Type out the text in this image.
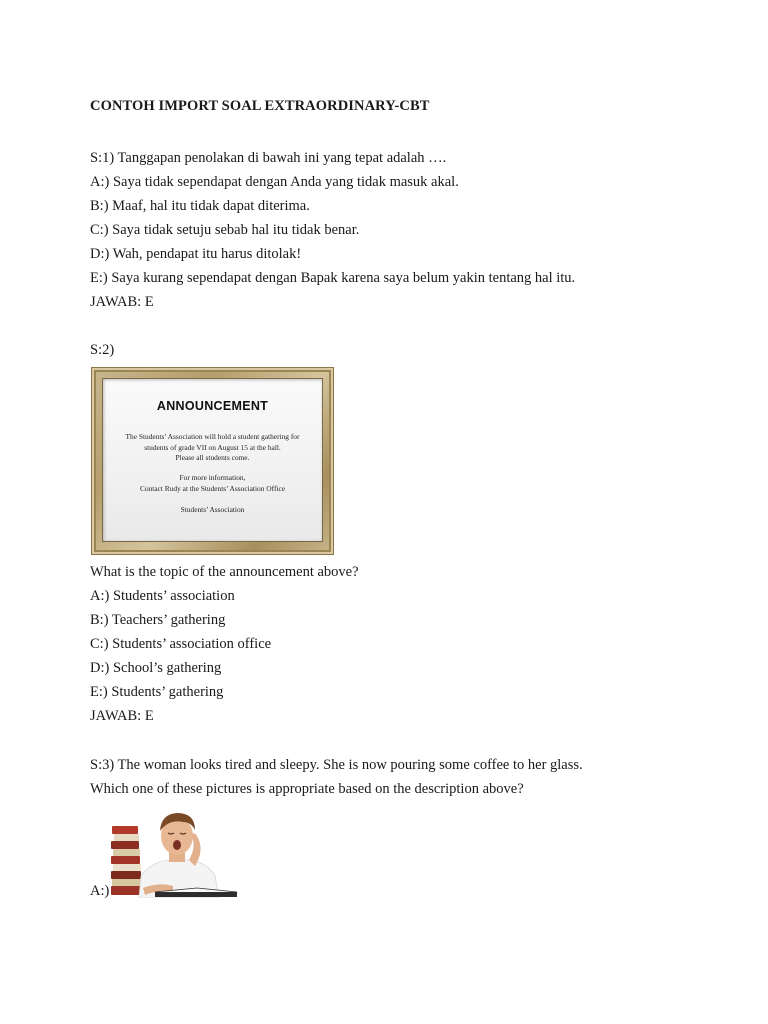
CONTOH IMPORT SOAL EXTRAORDINARY-CBT
S:1) Tanggapan penolakan di bawah ini yang tepat adalah ….
A:) Saya tidak sependapat dengan Anda yang tidak masuk akal.
B:) Maaf, hal itu tidak dapat diterima.
C:) Saya tidak setuju sebab hal itu tidak benar.
D:) Wah, pendapat itu harus ditolak!
E:) Saya kurang sependapat dengan Bapak karena saya belum yakin tentang hal itu.
JAWAB: E
S:2)
ANNOUNCEMENT
The Students’ Association will hold a student gathering for
students of grade VII on August 15 at the hall.
Please all students come.
For more information,
Contact Rudy at the Students’ Association Office
Students’ Association
What is the topic of the announcement above?
A:) Students’ association
B:) Teachers’ gathering
C:) Students’ association office
D:) School’s gathering
E:) Students’ gathering
JAWAB: E
S:3) The woman looks tired and sleepy. She is now pouring some coffee to her glass.
Which one of these pictures is appropriate based on the description above?
A:)
